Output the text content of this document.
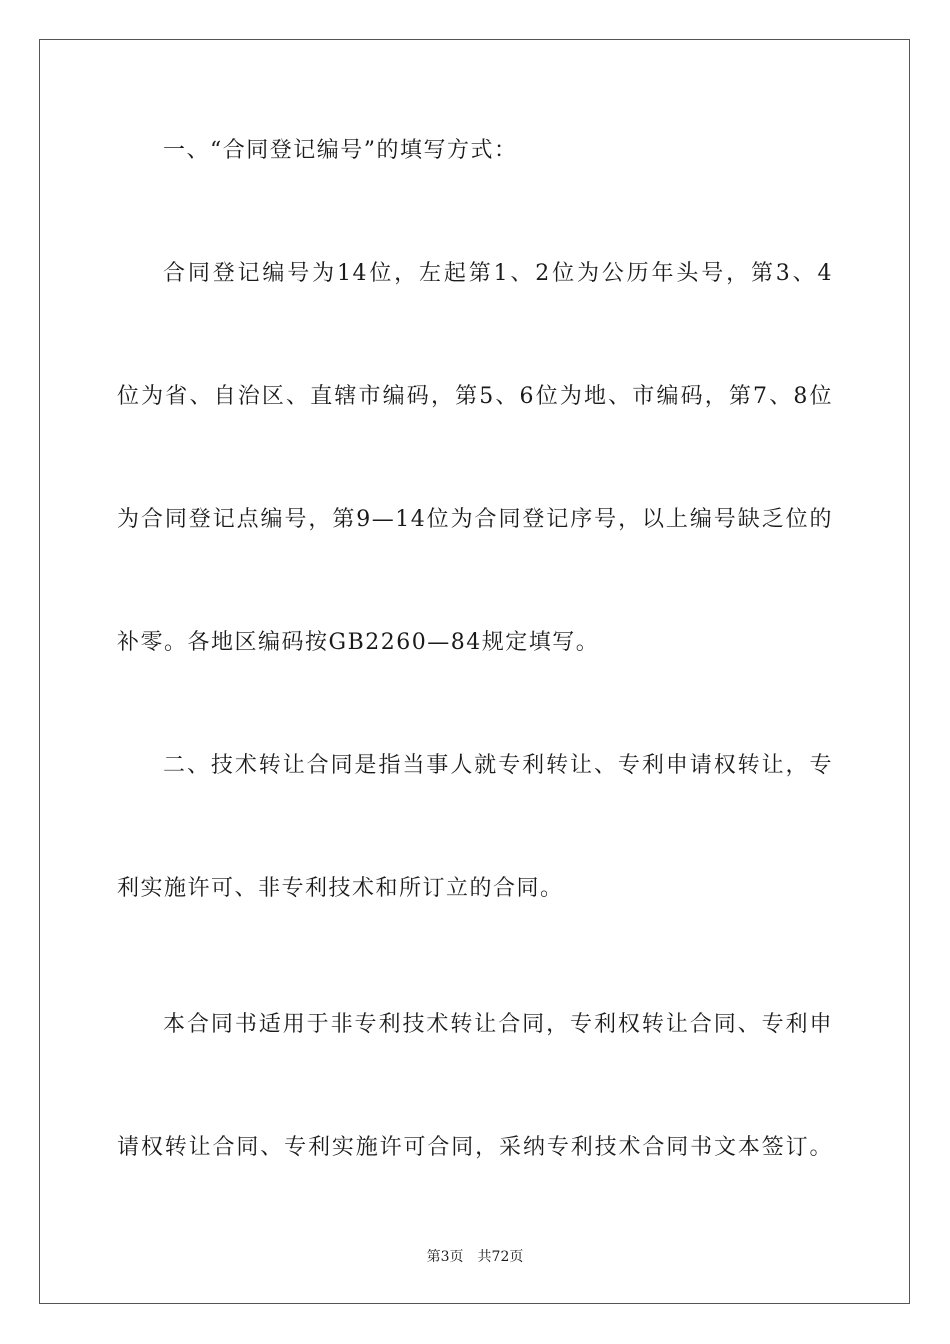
一、“合同登记编号”的填写方式：
合同登记编号为14位，左起第1、2位为公历年头号，第3、4
位为省、自治区、直辖市编码，第5、6位为地、市编码，第7、8位
为合同登记点编号，第9—14位为合同登记序号，以上编号缺乏位的
补零。各地区编码按GB2260—84规定填写。
二、技术转让合同是指当事人就专利转让、专利申请权转让，专
利实施许可、非专利技术和所订立的合同。
本合同书适用于非专利技术转让合同，专利权转让合同、专利申
请权转让合同、专利实施许可合同，采纳专利技术合同书文本签订。
第3页 共72页
